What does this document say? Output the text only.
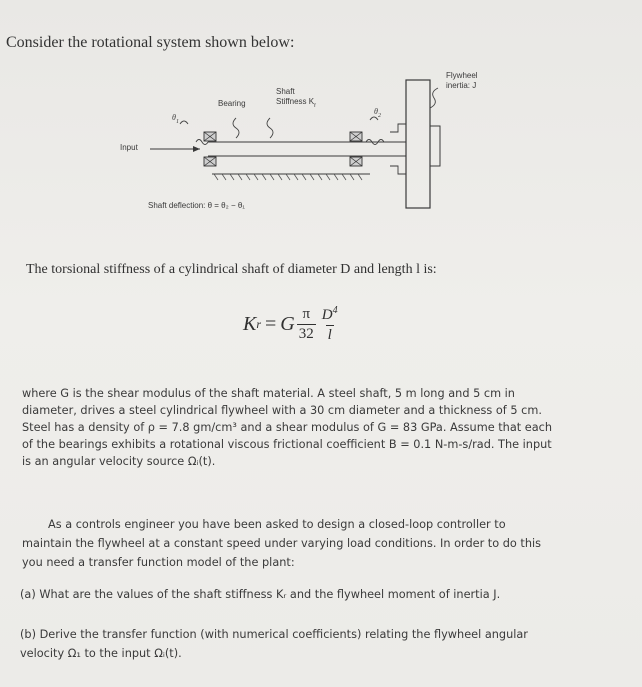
Consider the rotational system shown below:
Flywheel
inertia: J
Shaft
Stiffness $K_r$
Bearing
Input
$\theta_1$
$\theta_2$
Shaft deflection: θ = θ₂ − θ₁
The torsional stiffness of a cylindrical shaft of diameter D and length l is:
K r = G $\frac{\pi}{32} \frac{D^4}{l}$

where G is the shear modulus of the shaft material. A steel shaft, 5 m long and 5 cm in

diameter, drives a steel cylindrical flywheel with a 30 cm diameter and a thickness of 5 cm.

Steel has a density of ρ = 7.8 gm/cm³ and a shear modulus of G = 83 GPa. Assume that each

of the bearings exhibits a rotational viscous frictional coefficient B = 0.1 N-m-s/rad. The input

is an angular velocity source Ωᵢ(t).

As a controls engineer you have been asked to design a closed-loop controller to

maintain the flywheel at a constant speed under varying load conditions. In order to do this

you need a transfer function model of the plant:

(a) What are the values of the shaft stiffness Kᵣ and the flywheel moment of inertia J.

(b) Derive the transfer function (with numerical coefficients) relating the flywheel angular

velocity Ω₁ to the input Ωᵢ(t).
